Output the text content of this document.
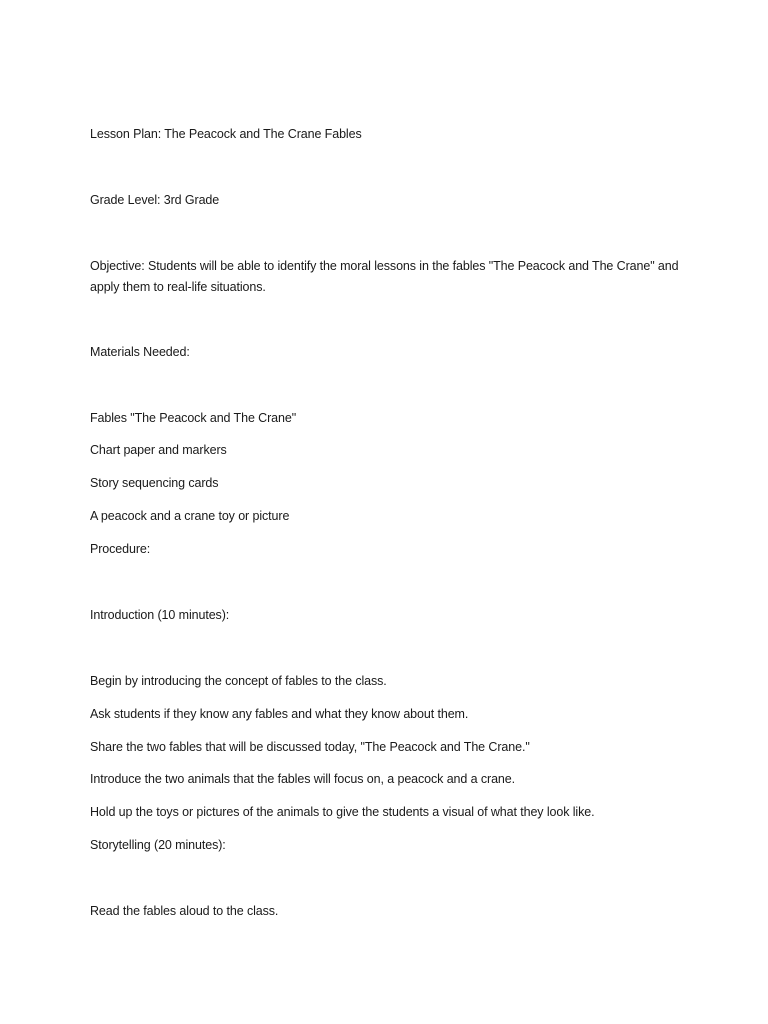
Lesson Plan: The Peacock and The Crane Fables
Grade Level: 3rd Grade
Objective: Students will be able to identify the moral lessons in the fables "The Peacock and The Crane" and apply them to real-life situations.
Materials Needed:
Fables "The Peacock and The Crane"
Chart paper and markers
Story sequencing cards
A peacock and a crane toy or picture
Procedure:
Introduction (10 minutes):
Begin by introducing the concept of fables to the class.
Ask students if they know any fables and what they know about them.
Share the two fables that will be discussed today, "The Peacock and The Crane."
Introduce the two animals that the fables will focus on, a peacock and a crane.
Hold up the toys or pictures of the animals to give the students a visual of what they look like.
Storytelling (20 minutes):
Read the fables aloud to the class.
